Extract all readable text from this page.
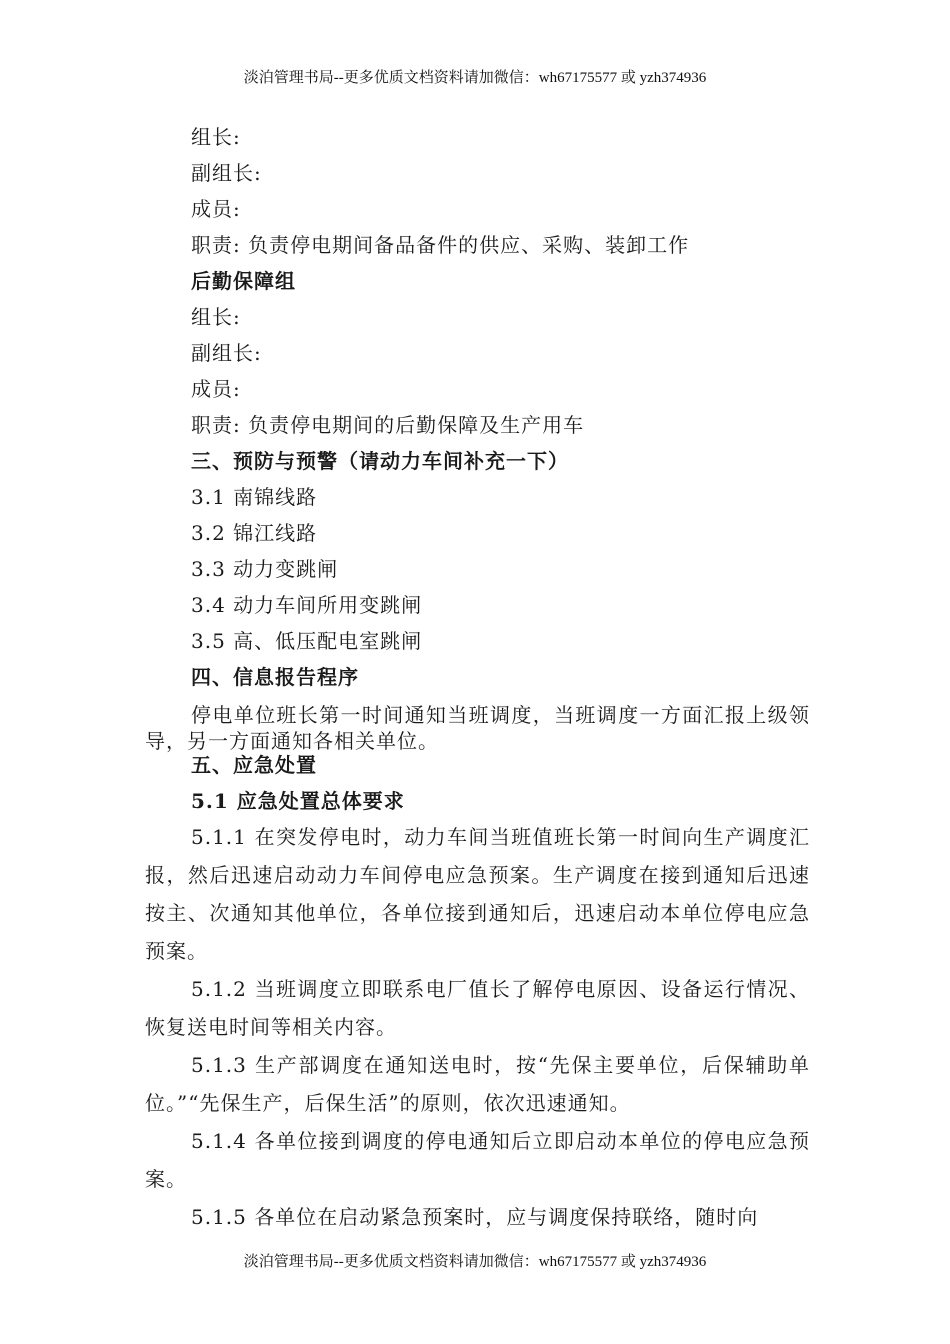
淡泊管理书局--更多优质文档资料请加微信：wh67175577 或 yzh374936
组长:
副组长:
成员:
职责: 负责停电期间备品备件的供应、采购、装卸工作
后勤保障组
组长:
副组长:
成员:
职责: 负责停电期间的后勤保障及生产用车
三、预防与预警（请动力车间补充一下）
3.1 南锦线路
3.2 锦江线路
3.3 动力变跳闸
3.4 动力车间所用变跳闸
3.5 高、低压配电室跳闸
四、信息报告程序
停电单位班长第一时间通知当班调度，当班调度一方面汇报上级领导，另一方面通知各相关单位。
五、应急处置
5.1 应急处置总体要求
5.1.1 在突发停电时，动力车间当班值班长第一时间向生产调度汇报，然后迅速启动动力车间停电应急预案。生产调度在接到通知后迅速按主、次通知其他单位，各单位接到通知后，迅速启动本单位停电应急预案。
5.1.2 当班调度立即联系电厂值长了解停电原因、设备运行情况、恢复送电时间等相关内容。
5.1.3 生产部调度在通知送电时，按“先保主要单位，后保辅助单位。”“先保生产，后保生活”的原则，依次迅速通知。
5.1.4 各单位接到调度的停电通知后立即启动本单位的停电应急预案。
5.1.5 各单位在启动紧急预案时，应与调度保持联络，随时向
淡泊管理书局--更多优质文档资料请加微信：wh67175577 或 yzh374936
